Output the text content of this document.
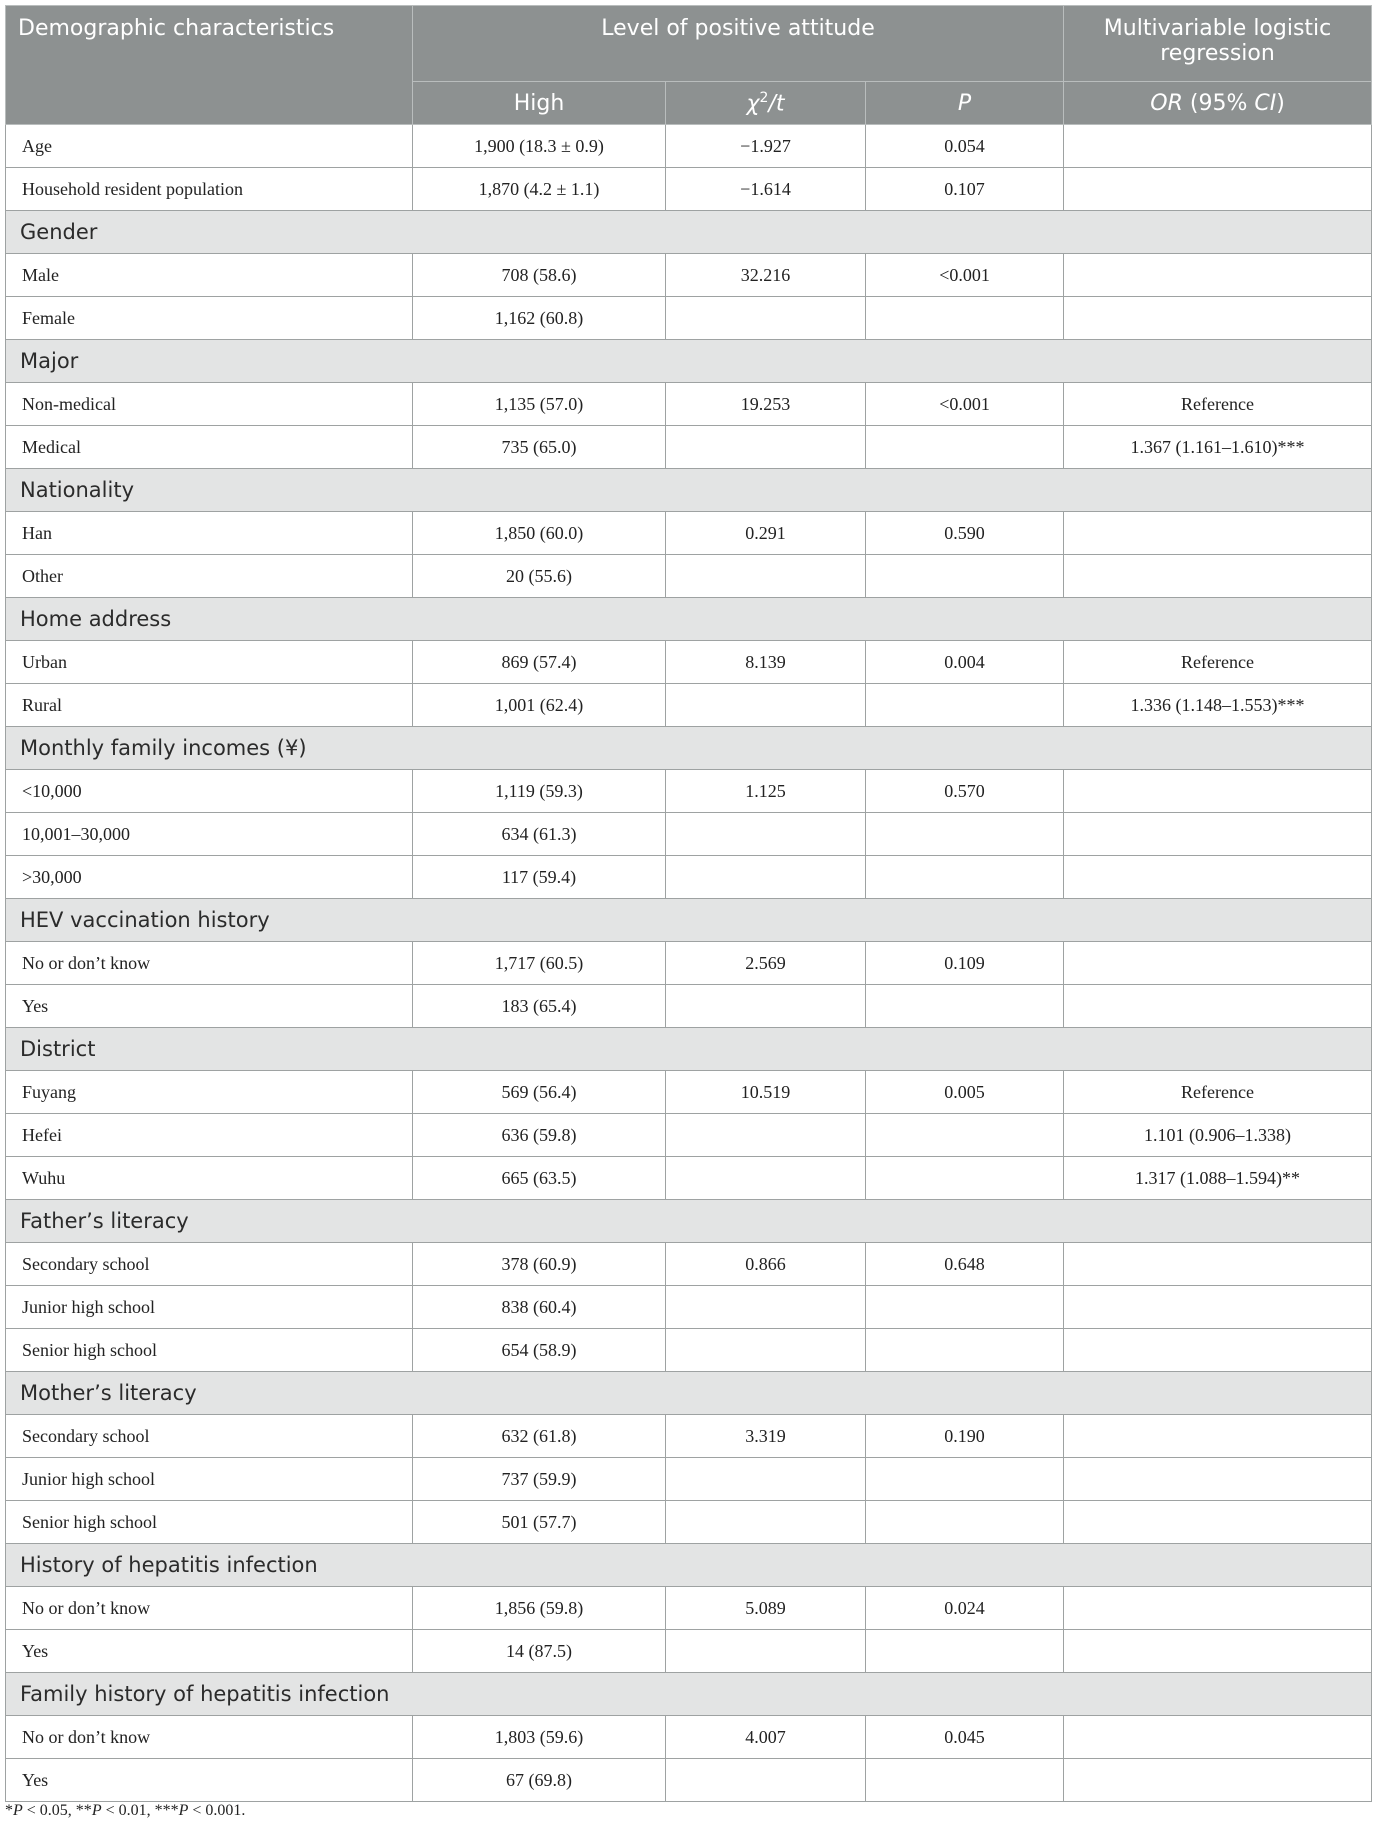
Demographic characteristics	Level of positive attitude			Multivariable logistic
regression
	High	$\chi^2/t$	P	OR (95% CI)
Age	1,900 (18.3 ± 0.9)	−1.927	0.054	
Household resident population	1,870 (4.2 ± 1.1)	−1.614	0.107	
Gender				
Male	708 (58.6)	32.216	<0.001	
Female	1,162 (60.8)			
Major				
Non-medical	1,135 (57.0)	19.253	<0.001	Reference
Medical	735 (65.0)			1.367 (1.161–1.610)***
Nationality				
Han	1,850 (60.0)	0.291	0.590	
Other	20 (55.6)			
Home address				
Urban	869 (57.4)	8.139	0.004	Reference
Rural	1,001 (62.4)			1.336 (1.148–1.553)***
Monthly family incomes (¥)				
<10,000	1,119 (59.3)	1.125	0.570	
10,001–30,000	634 (61.3)			
>30,000	117 (59.4)			
HEV vaccination history				
No or don’t know	1,717 (60.5)	2.569	0.109	
Yes	183 (65.4)			
District				
Fuyang	569 (56.4)	10.519	0.005	Reference
Hefei	636 (59.8)			1.101 (0.906–1.338)
Wuhu	665 (63.5)			1.317 (1.088–1.594)**
Father’s literacy				
Secondary school	378 (60.9)	0.866	0.648	
Junior high school	838 (60.4)			
Senior high school	654 (58.9)			
Mother’s literacy				
Secondary school	632 (61.8)	3.319	0.190	
Junior high school	737 (59.9)			
Senior high school	501 (57.7)			
History of hepatitis infection				
No or don’t know	1,856 (59.8)	5.089	0.024	
Yes	14 (87.5)			
Family history of hepatitis infection				
No or don’t know	1,803 (59.6)	4.007	0.045	
Yes	67 (69.8)			
*P < 0.05, **P < 0.01, ***P < 0.001.
